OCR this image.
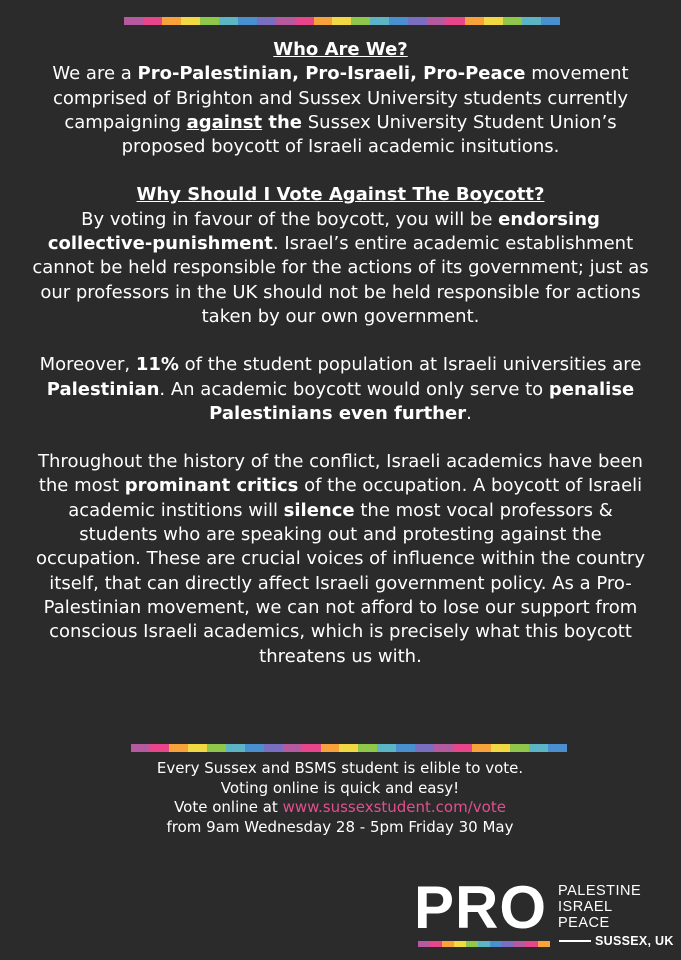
Who Are We?
We are a Pro-Palestinian, Pro-Israeli, Pro-Peace movement comprised of Brighton and Sussex University students currently campaigning against the Sussex University Student Union’s proposed boycott of Israeli academic insitutions.

Why Should I Vote Against The Boycott?
By voting in favour of the boycott, you will be endorsing collective-punishment. Israel’s entire academic establishment cannot be held responsible for the actions of its government; just as our professors in the UK should not be held responsible for actions taken by our own government.

Moreover, 11% of the student population at Israeli universities are Palestinian. An academic boycott would only serve to penalise Palestinians even further.

Throughout the history of the conflict, Israeli academics have been the most prominant critics of the occupation. A boycott of Israeli academic institions will silence the most vocal professors & students who are speaking out and protesting against the occupation. These are crucial voices of influence within the country itself, that can directly affect Israeli government policy. As a Pro-Palestinian movement, we can not afford to lose our support from conscious Israeli academics, which is precisely what this boycott threatens us with.

Every Sussex and BSMS student is elible to vote.

Voting online is quick and easy!

Vote online at www.sussexstudent.com/vote

from 9am Wednesday 28 - 5pm Friday 30 May

PRO PALESTINE
ISRAEL
PEACE
SUSSEX, UK
